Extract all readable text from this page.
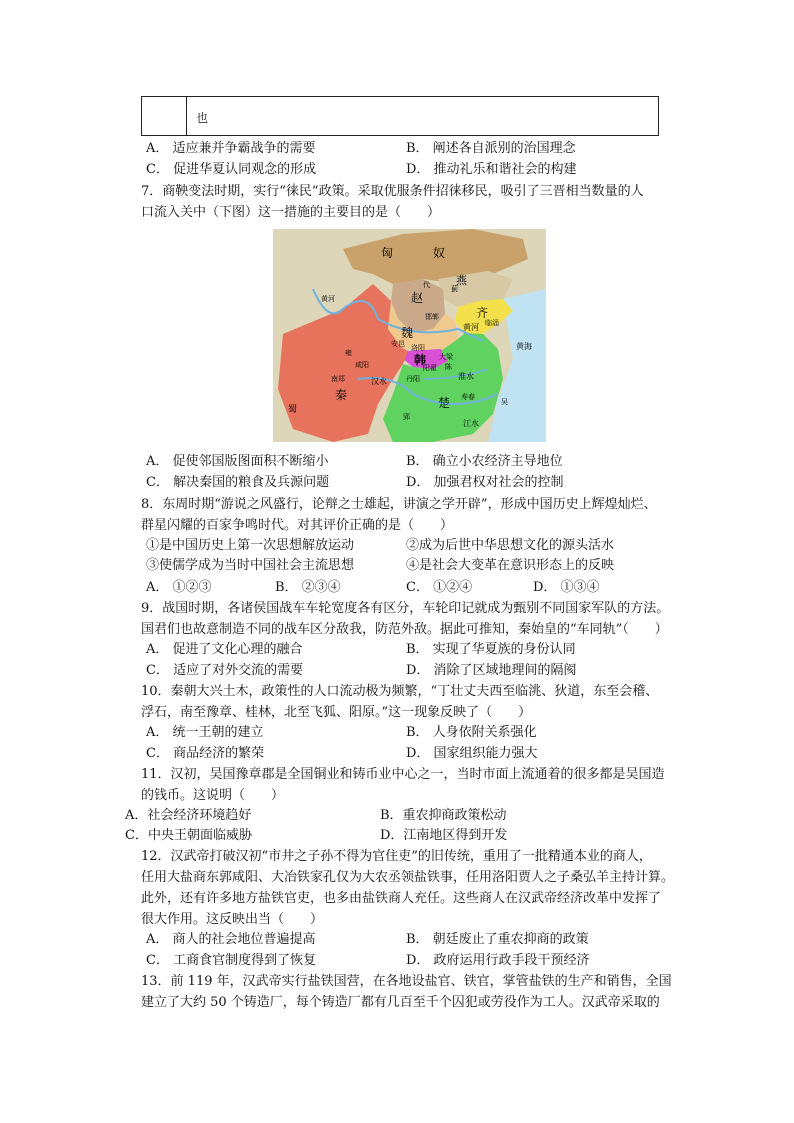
也
A． 适应兼并争霸战争的需要	B． 阐述各自派别的治国理念
C． 促进华夏认同观念的形成	D． 推动礼乐和谐社会的构建
7．商鞅变法时期，实行“徕民“政策。采取优服条件招徕移民，吸引了三晋相当数量的人
口流入关中（下图）这一措施的主要目的是（　　）
匈	奴
燕
赵
齐
魏
韩
秦
楚
蜀
黄河
黄海
江水
淮水
汉水
代	蓟
邯郸
临淄
安邑 洛阳
大梁
咸阳
雍
南郑
陈
阳翟
丹阳
寿春
郢
吴
黄河
A． 促使邻国版图面积不断缩小	B． 确立小农经济主导地位
C． 解决秦国的粮食及兵源问题	D． 加强君权对社会的控制
8．东周时期“游说之风盛行，论辩之士雄起，讲演之学开辟”，形成中国历史上辉煌灿烂、
群星闪耀的百家争鸣时代。对其评价正确的是（　　）
①是中国历史上第一次思想解放运动	②成为后世中华思想文化的源头活水
③使儒学成为当时中国社会主流思想	④是社会大变革在意识形态上的反映
A． ①②③	B． ②③④	C． ①②④	D． ①③④
9．战国时期，各诸侯国战车车轮宽度各有区分，车轮印记就成为甄别不同国家军队的方法。
国君们也故意制造不同的战车区分敌我，防范外敌。据此可推知，秦始皇的“车同轨”（　　）
A． 促进了文化心理的融合	B． 实现了华夏族的身份认同
C． 适应了对外交流的需要	D． 消除了区域地理间的隔阂
10．秦朝大兴土木，政策性的人口流动极为频繁，“丁壮丈夫西至临洮、狄道，东至会稽、
浮石，南至豫章、桂林，北至飞狐、阳原。”这一现象反映了（　　）
A． 统一王朝的建立	B． 人身依附关系强化
C． 商品经济的繁荣	D． 国家组织能力强大
11．汉初，吴国豫章郡是全国铜业和铸币业中心之一，当时市面上流通着的很多都是吴国造
的钱币。这说明（　　）
A．社会经济环境趋好	B．重农抑商政策松动
C．中央王朝面临威胁	D．江南地区得到开发
12．汉武帝打破汉初“市井之子孙不得为官住吏”的旧传统，重用了一批精通本业的商人，
任用大盐商东郭咸阳、大冶铁家孔仅为大农丞领盐铁事，任用洛阳贾人之子桑弘羊主持计算。
此外，还有许多地方盐铁官吏，也多由盐铁商人充任。这些商人在汉武帝经济改革中发挥了
很大作用。这反映出当（　　）
A． 商人的社会地位普遍提高	B． 朝廷废止了重农抑商的政策
C． 工商食官制度得到了恢复	D． 政府运用行政手段干预经济
13．前 119 年，汉武帝实行盐铁国营，在各地设盐官、铁官，掌管盐铁的生产和销售，全国
建立了大约 50 个铸造厂，每个铸造厂都有几百至千个囚犯或劳役作为工人。汉武帝采取的
